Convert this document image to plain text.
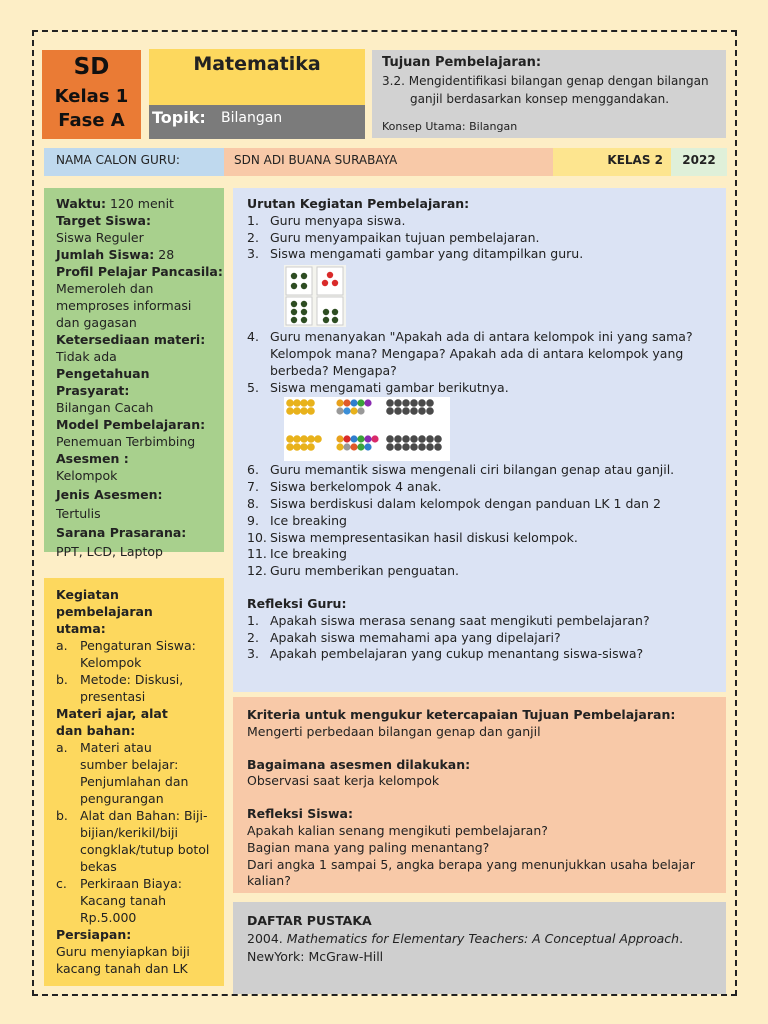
SD
Kelas 1
Fase A
Matematika
Topik: Bilangan
Tujuan Pembelajaran:
3.2. Mengidentifikasi bilangan genap dengan bilangan
ganjil berdasarkan konsep menggandakan.
Konsep Utama: Bilangan
NAMA CALON GURU:	SDN ADI BUANA SURABAYA	KELAS 2	2022
Waktu: 120 menit
Target Siswa:
Siswa Reguler
Jumlah Siswa: 28
Profil Pelajar Pancasila:
Memeroleh dan memproses informasi dan gagasan
Ketersediaan materi:
Tidak ada
Pengetahuan Prasyarat:
Bilangan Cacah
Model Pembelajaran:
Penemuan Terbimbing
Asesmen :
Kelompok
Jenis Asesmen:
Tertulis
Sarana Prasarana:
PPT, LCD, Laptop
Kegiatan pembelajaran utama:
a. Pengaturan Siswa: Kelompok
b. Metode: Diskusi, presentasi
Materi ajar, alat dan bahan:
a. Materi atau sumber belajar: Penjumlahan dan pengurangan
b. Alat dan Bahan: Biji-bijian/kerikil/biji congklak/tutup botol bekas
c.	Perkiraan Biaya: Kacang tanah Rp.5.000
Persiapan:
Guru menyiapkan biji kacang tanah dan LK
Urutan Kegiatan Pembelajaran:
1. Guru menyapa siswa.
2. Guru menyampaikan tujuan pembelajaran.
3. Siswa mengamati gambar yang ditampilkan guru.
4. Guru menanyakan "Apakah ada di antara kelompok ini yang sama? Kelompok mana? Mengapa? Apakah ada di antara kelompok yang berbeda? Mengapa?
5. Siswa mengamati gambar berikutnya.
6. Guru memantik siswa mengenali ciri bilangan genap atau ganjil.
7. Siswa berkelompok 4 anak.
8. Siswa berdiskusi dalam kelompok dengan panduan LK 1 dan 2
9. Ice breaking
10. Siswa mempresentasikan hasil diskusi kelompok.
11. Ice breaking
12. Guru memberikan penguatan.
Refleksi Guru:
1. Apakah siswa merasa senang saat mengikuti pembelajaran?
2. Apakah siswa memahami apa yang dipelajari?
3. Apakah pembelajaran yang cukup menantang siswa-siswa?
Kriteria untuk mengukur ketercapaian Tujuan Pembelajaran:
Mengerti perbedaan bilangan genap dan ganjil
Bagaimana asesmen dilakukan:
Observasi saat kerja kelompok
Refleksi Siswa:
Apakah kalian senang mengikuti pembelajaran?
Bagian mana yang paling menantang?
Dari angka 1 sampai 5, angka berapa yang menunjukkan usaha belajar kalian?
DAFTAR PUSTAKA
2004. Mathematics for Elementary Teachers: A Conceptual Approach. NewYork: McGraw-Hill
